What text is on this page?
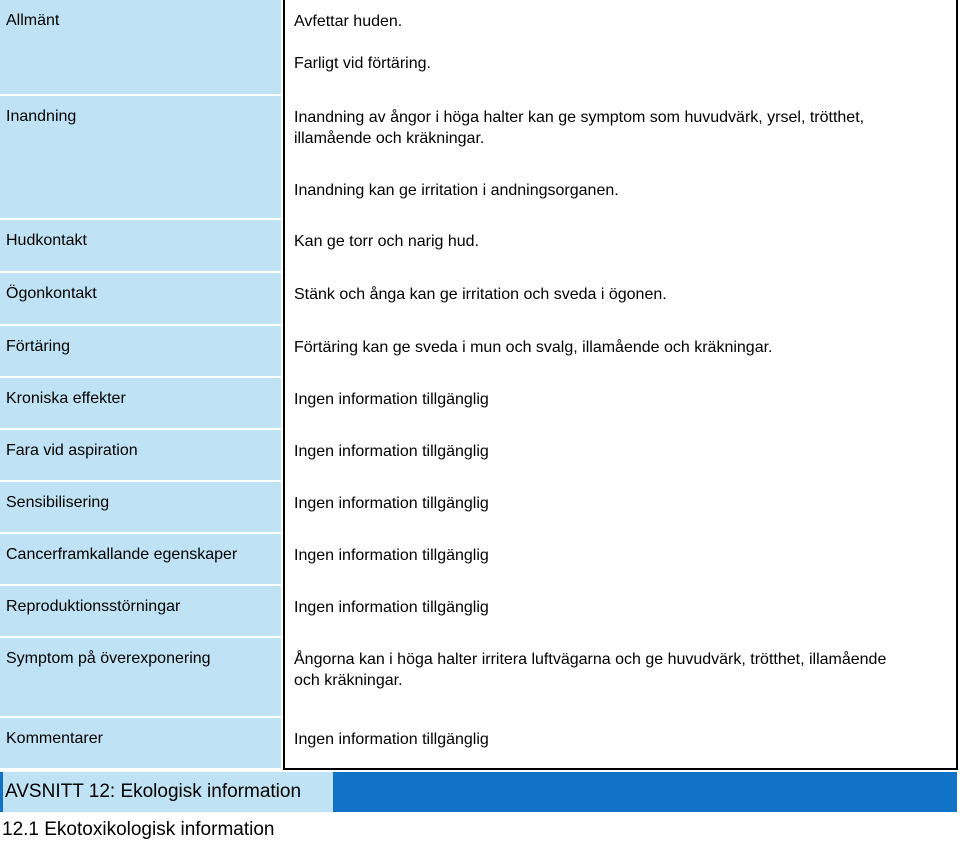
Allmänt	Avfettar huden.

Farligt vid förtäring.

Inandning	Inandning av ångor i höga halter kan ge symptom som huvudvärk, yrsel, trötthet, illamående och kräkningar.

Inandning kan ge irritation i andningsorganen.

Hudkontakt	Kan ge torr och narig hud.

Ögonkontakt	Stänk och ånga kan ge irritation och sveda i ögonen.

Förtäring	Förtäring kan ge sveda i mun och svalg, illamående och kräkningar.

Kroniska effekter	Ingen information tillgänglig

Fara vid aspiration	Ingen information tillgänglig

Sensibilisering	Ingen information tillgänglig

Cancerframkallande egenskaper	Ingen information tillgänglig

Reproduktionsstörningar	Ingen information tillgänglig

Symptom på överexponering	Ångorna kan i höga halter irritera luftvägarna och ge huvudvärk, trötthet, illamående och kräkningar.

Kommentarer	Ingen information tillgänglig

AVSNITT 12: Ekologisk information
12.1 Ekotoxikologisk information
